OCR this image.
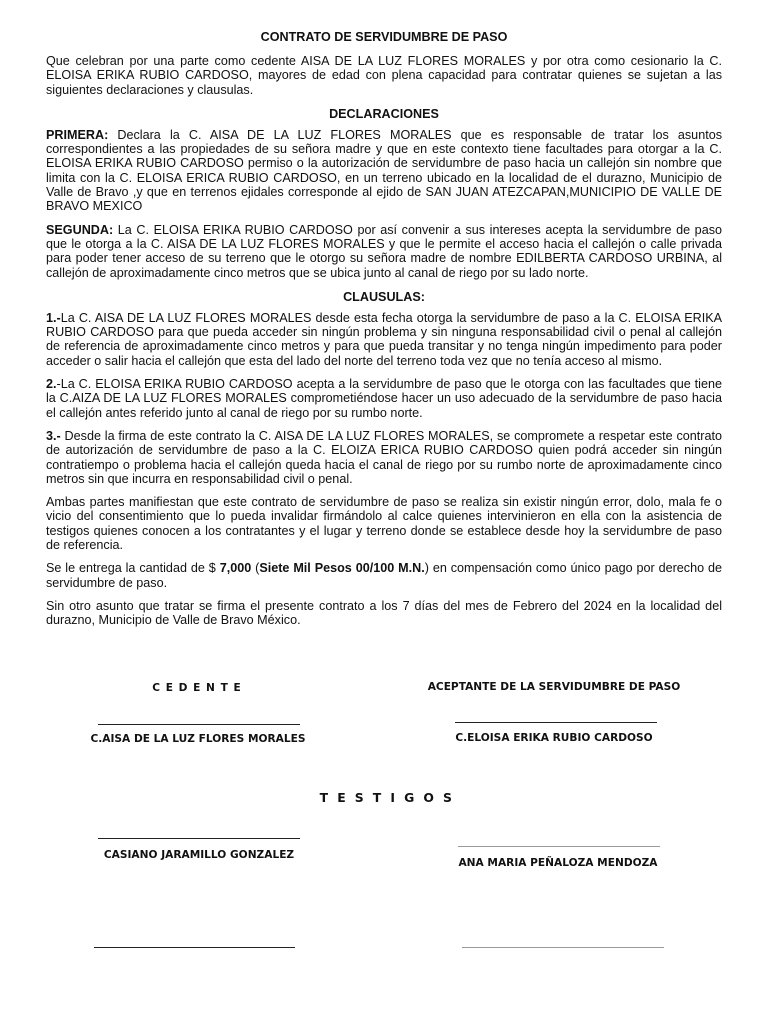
CONTRATO DE SERVIDUMBRE DE PASO

Que celebran por una parte como cedente AISA DE LA LUZ FLORES MORALES y por otra como cesionario la C. ELOISA ERIKA RUBIO CARDOSO, mayores de edad con plena capacidad para contratar quienes se sujetan a las siguientes declaraciones y clausulas.

DECLARACIONES

PRIMERA: Declara la C. AISA DE LA LUZ FLORES MORALES que es responsable de tratar los asuntos correspondientes a las propiedades de su señora madre y que en este contexto tiene facultades para otorgar a la C. ELOISA ERIKA RUBIO CARDOSO permiso o la autorización de servidumbre de paso hacia un callejón sin nombre que limita con la C. ELOISA ERICA RUBIO CARDOSO, en un terreno ubicado en la localidad de el durazno, Municipio de Valle de Bravo ,y que en terrenos ejidales corresponde al ejido de SAN JUAN ATEZCAPAN,MUNICIPIO DE VALLE DE BRAVO MEXICO

SEGUNDA: La C. ELOISA ERIKA RUBIO CARDOSO por así convenir a sus intereses acepta la servidumbre de paso que le otorga a la C. AISA DE LA LUZ FLORES MORALES y que le permite el acceso hacia el callejón o calle privada para poder tener acceso de su terreno que le otorgo su señora madre de nombre EDILBERTA CARDOSO URBINA, al callejón de aproximadamente cinco metros que se ubica junto al canal de riego por su lado norte.

CLAUSULAS:

1.-La C. AISA DE LA LUZ FLORES MORALES desde esta fecha otorga la servidumbre de paso a la C. ELOISA ERIKA RUBIO CARDOSO para que pueda acceder sin ningún problema y sin ninguna responsabilidad civil o penal al callejón de referencia de aproximadamente cinco metros y para que pueda transitar y no tenga ningún impedimento para poder acceder o salir hacia el callejón que esta del lado del norte del terreno toda vez que no tenía acceso al mismo.

2.-La C. ELOISA ERIKA RUBIO CARDOSO acepta a la servidumbre de paso que le otorga con las facultades que tiene la C.AIZA DE LA LUZ FLORES MORALES comprometiéndose hacer un uso adecuado de la servidumbre de paso hacia el callejón antes referido junto al canal de riego por su rumbo norte.

3.- Desde la firma de este contrato la C. AISA DE LA LUZ FLORES MORALES, se compromete a respetar este contrato de autorización de servidumbre de paso a la C. ELOIZA ERICA RUBIO CARDOSO quien podrá acceder sin ningún contratiempo o problema hacia el callejón queda hacia el canal de riego por su rumbo norte de aproximadamente cinco metros sin que incurra en responsabilidad civil o penal.

Ambas partes manifiestan que este contrato de servidumbre de paso se realiza sin existir ningún error, dolo, mala fe o vicio del consentimiento que lo pueda invalidar firmándolo al calce quienes intervinieron en ella con la asistencia de testigos quienes conocen a los contratantes y el lugar y terreno donde se establece desde hoy la servidumbre de paso de referencia.

Se le entrega la cantidad de $ 7,000 (Siete Mil Pesos 00/100 M.N.) en compensación como único pago por derecho de servidumbre de paso.

Sin otro asunto que tratar se firma el presente contrato a los 7 días del mes de Febrero del 2024 en la localidad del durazno, Municipio de Valle de Bravo México.

C E D E N T E	ACEPTANTE DE LA SERVIDUMBRE DE PASO
C.AISA DE LA LUZ FLORES MORALES	C.ELOISA ERIKA RUBIO CARDOSO
T E S T I G O S
CASIANO JARAMILLO GONZALEZ
ANA MARIA PEÑALOZA MENDOZA
